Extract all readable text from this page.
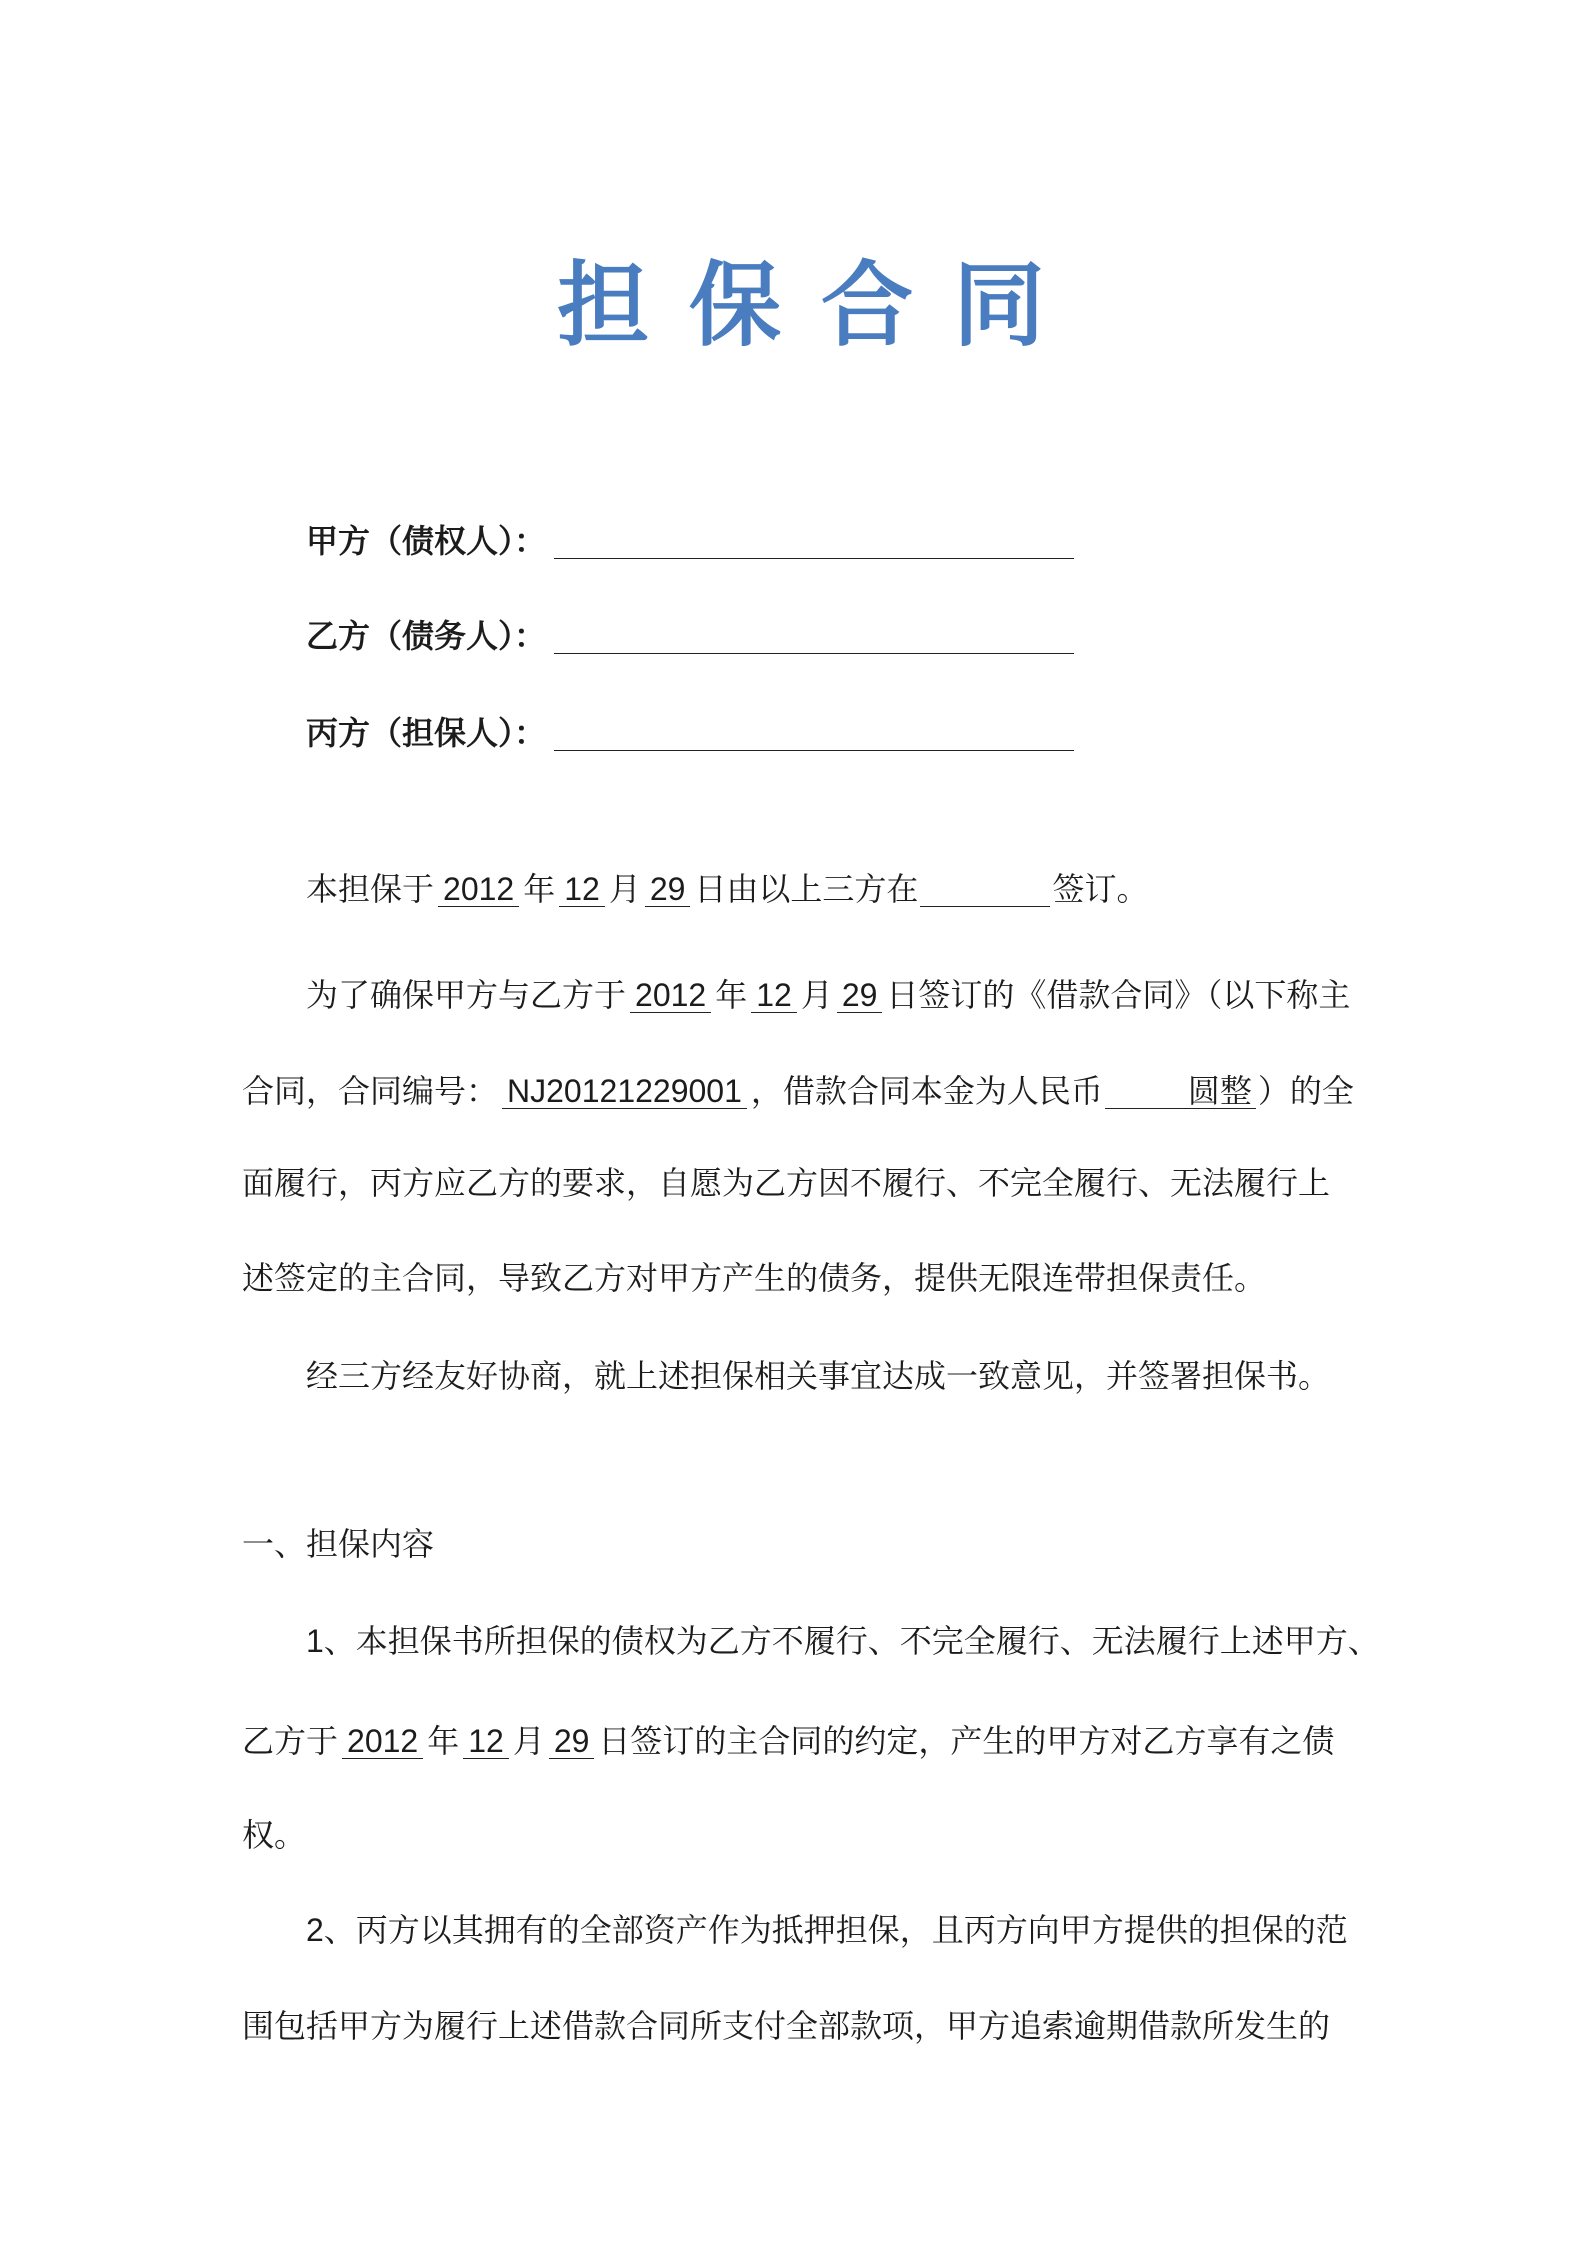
担保合同
甲方（债权人）：
乙方（债务人）：
丙方（担保人）：
本担保于 2012 年 12 月 29 日由以上三方在	签订。
为了确保甲方与乙方于 2012 年 12 月 29 日签订的《借款合同》（以下称主
合同，合同编号： NJ20121229001 ，借款合同本金为人民币	圆整 ）的全
面履行，丙方应乙方的要求，自愿为乙方因不履行、不完全履行、无法履行上
述签定的主合同，导致乙方对甲方产生的债务，提供无限连带担保责任。
经三方经友好协商，就上述担保相关事宜达成一致意见，并签署担保书。
一、担保内容
1、本担保书所担保的债权为乙方不履行、不完全履行、无法履行上述甲方、
乙方于 2012 年 12 月 29 日签订的主合同的约定，产生的甲方对乙方享有之债
权。
2、丙方以其拥有的全部资产作为抵押担保，且丙方向甲方提供的担保的范
围包括甲方为履行上述借款合同所支付全部款项，甲方追索逾期借款所发生的
